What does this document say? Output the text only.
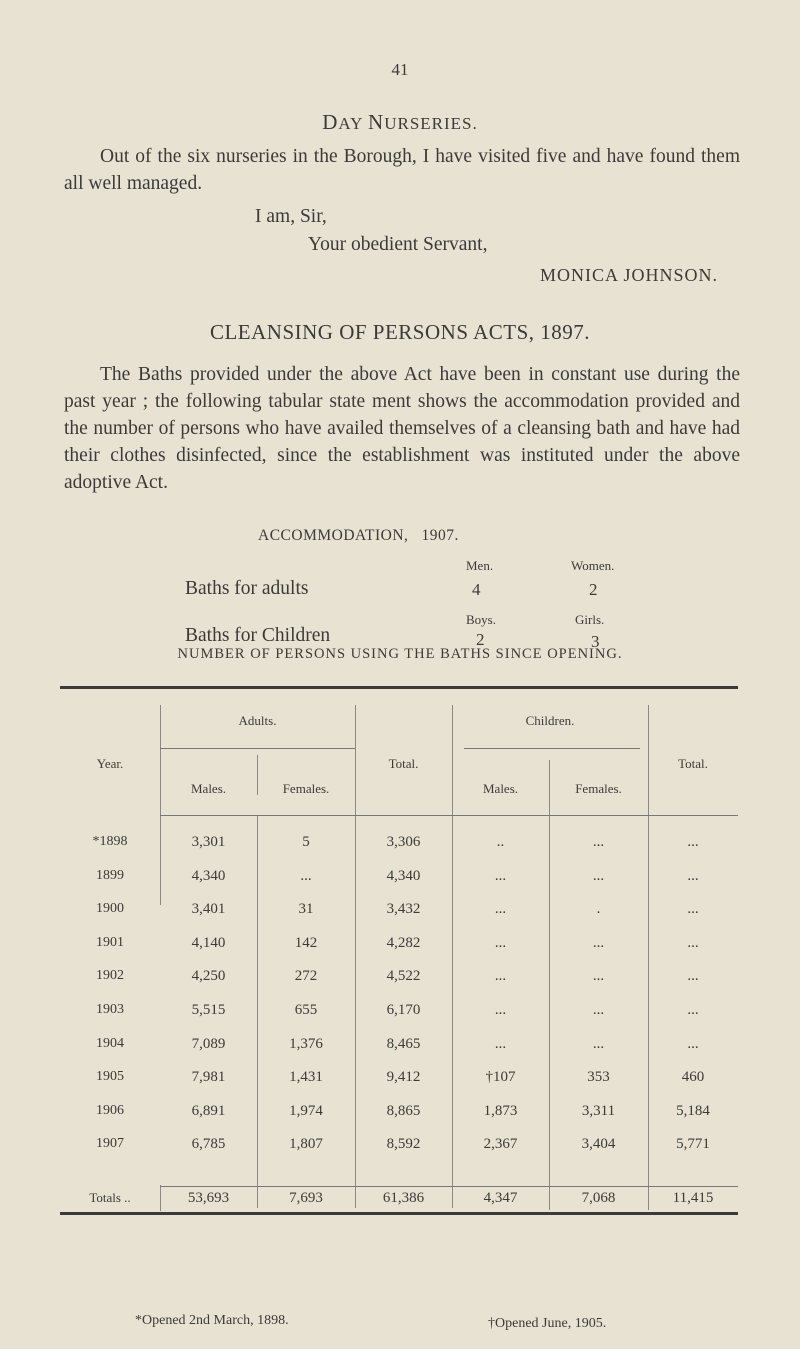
41
DAY NURSERIES.
Out of the six nurseries in the Borough, I have visited five and have found them all well managed.
I am, Sir,
Your obedient Servant,
MONICA JOHNSON.
CLEANSING OF PERSONS ACTS, 1897.
The Baths provided under the above Act have been in constant use during the past year ; the following tabular state ment shows the accommodation provided and the number of persons who have availed themselves of a cleansing bath and have had their clothes disinfected, since the establishment was instituted under the above adoptive Act.
ACCOMMODATION, 1907.
Men.	Women.
Baths for adults	4	2
Boys.	Girls.
Baths for Children	2	3
NUMBER OF PERSONS USING THE BATHS SINCE OPENING.
Year.
Adults.
Males.	Females.
Total.
Children.
Males.	Females.
Total.
*1898	3,301	5	3,306	..	...	...
1899	4,340	...	4,340	...	...	...
1900	3,401	31	3,432	...	.	...
1901	4,140	142	4,282	...	...	...
1902	4,250	272	4,522	...	...	...
1903	5,515	655	6,170	...	...	...
1904	7,089	1,376	8,465	...	...	...
1905	7,981	1,431	9,412	†107	353	460
1906	6,891	1,974	8,865	1,873	3,311	5,184
1907	6,785	1,807	8,592	2,367	3,404	5,771
Totals ..	53,693	7,693	61,386	4,347	7,068	11,415
*Opened 2nd March, 1898.	†Opened June, 1905.
